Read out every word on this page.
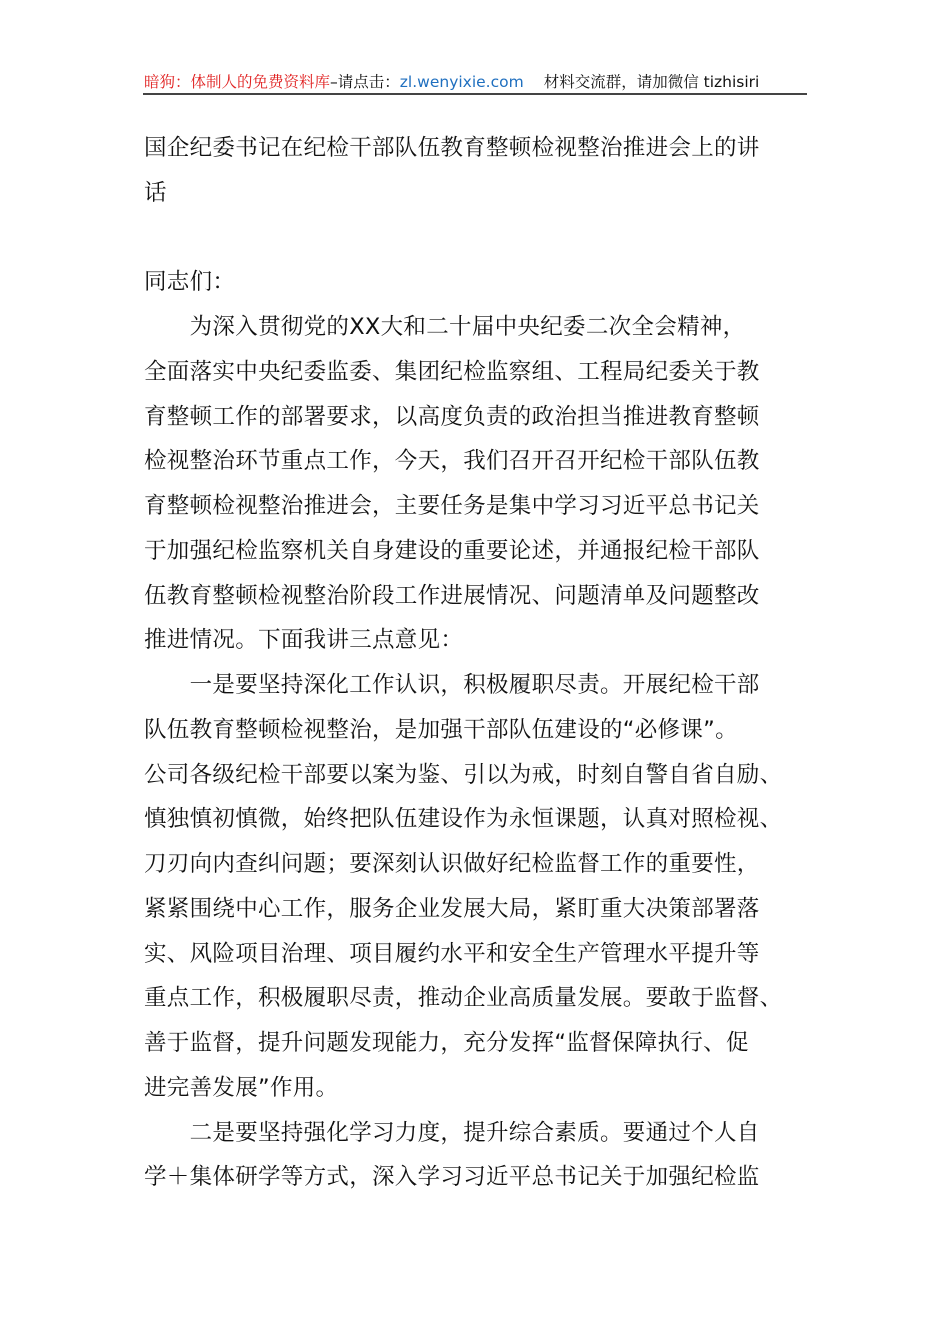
暗狗：体制人的免费资料库–请点击：zl.wenyixie.com 材料交流群，请加微信 tizhisiri
国企纪委书记在纪检干部队伍教育整顿检视整治推进会上的讲
话
同志们：
　　为深入贯彻党的XX大和二十届中央纪委二次全会精神，
全面落实中央纪委监委、集团纪检监察组、工程局纪委关于教
育整顿工作的部署要求，以高度负责的政治担当推进教育整顿
检视整治环节重点工作，今天，我们召开召开纪检干部队伍教
育整顿检视整治推进会，主要任务是集中学习习近平总书记关
于加强纪检监察机关自身建设的重要论述，并通报纪检干部队
伍教育整顿检视整治阶段工作进展情况、问题清单及问题整改
推进情况。下面我讲三点意见：
　　一是要坚持深化工作认识，积极履职尽责。开展纪检干部
队伍教育整顿检视整治，是加强干部队伍建设的“必修课”。
公司各级纪检干部要以案为鉴、引以为戒，时刻自警自省自励、
慎独慎初慎微，始终把队伍建设作为永恒课题，认真对照检视、
刀刃向内查纠问题；要深刻认识做好纪检监督工作的重要性，
紧紧围绕中心工作，服务企业发展大局，紧盯重大决策部署落
实、风险项目治理、项目履约水平和安全生产管理水平提升等
重点工作，积极履职尽责，推动企业高质量发展。要敢于监督、
善于监督，提升问题发现能力，充分发挥“监督保障执行、促
进完善发展”作用。
　　二是要坚持强化学习力度，提升综合素质。要通过个人自
学＋集体研学等方式，深入学习习近平总书记关于加强纪检监
